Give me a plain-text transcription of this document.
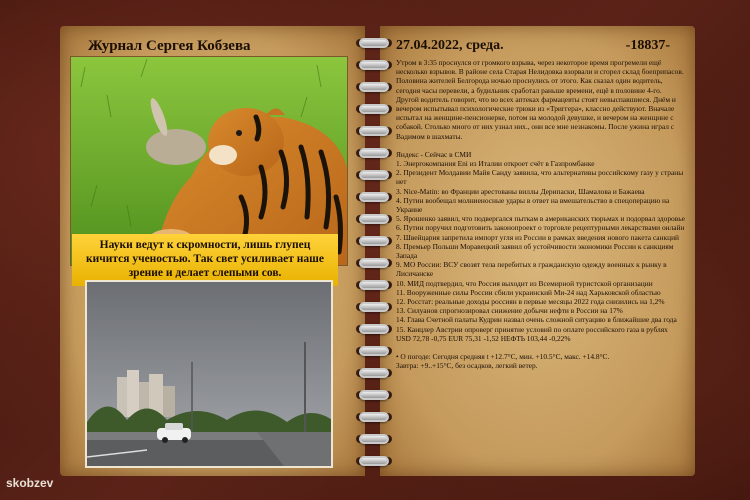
Журнал Сергея Кобзева
Науки ведут к скромности, лишь глупец кичится ученостью. Так свет усиливает наше зрение и делает слепыми сов.
27.04.2022, среда.	-18837-

Утром в 3:35 проснулся от громкого взрыва, через некоторое время прогремели ещё несколько взрывов. В районе села Старая Нелидовка взорвали и сгорел склад боеприпасов. Половина жителей Белгорода ночью проснулись от этого. Как сказал один водитель, сегодня часы перевели, а будильник сработал раньше времени, ещё в половине 4-го. Другой водитель говорит, что во всех аптеках фармацевты стоят невыспавшиеся. Днём и вечером испытывал психологические трюки из «Триггера», классно действуют. Вначале испытал на женщине-пенсионерке, потом на молодой девушке, и вечером на женщине с собакой. Столько много от них узнал них., они все мне незнакомы. После ужина играл с Вадимом в шахматы.

Яндекс - Сейчас в СМИ

1. Энергокомпания Eni из Италии откроет счёт в Газпромбанке

2. Президент Молдавии Майя Санду заявила, что альтернативы российскому газу у страны нет

3. Nice-Matin: во Франции арестованы виллы Дерипаски, Шамалова и Бажаева

4. Путин вообещал молниеносные удары в ответ на вмешательство в спецоперацию на Украине

5. Ярошенко заявил, что подвергался пыткам в американских тюрьмах и подорвал здоровье

6. Путин поручил подготовить законопроект о торговле рецептурными лекарствами онлайн

7. Швейцария запретила импорт угля из России в рамках введения нового пакета санкций

8. Премьер Польши Моравецкий заявил об устойчивости экономики России к санкциям Запада

9. МО России: ВСУ свозят тела перебитых в гражданскую одежду военных к рынку в Лисичанске

10. МИД подтвердил, что Россия выходит из Всемирной туристской организации

11. Вооруженные силы России сбили украинский Ми-24 над Харьковской областью

12. Росстат: реальные доходы россиян в первые месяцы 2022 года снизились на 1,2%

13. Силуанов спрогнозировал снижение добычи нефти в России на 17%

14. Глава Счетной палаты Кудрин назвал очень сложной ситуацию в ближайшие два года

15. Канцлер Австрии опроверг принятие условий по оплате российского газа в рублях

USD 72,78 -0,75 EUR 75,31 -1,52 НЕФТЬ 103,44 -0,22%

• О погоде: Сегодня средняя t +12.7°C, мин. +10.5°C, макс. +14.8°C.

Завтра: +9..+15°C, без осадков, легкий ветер.

skobzev
